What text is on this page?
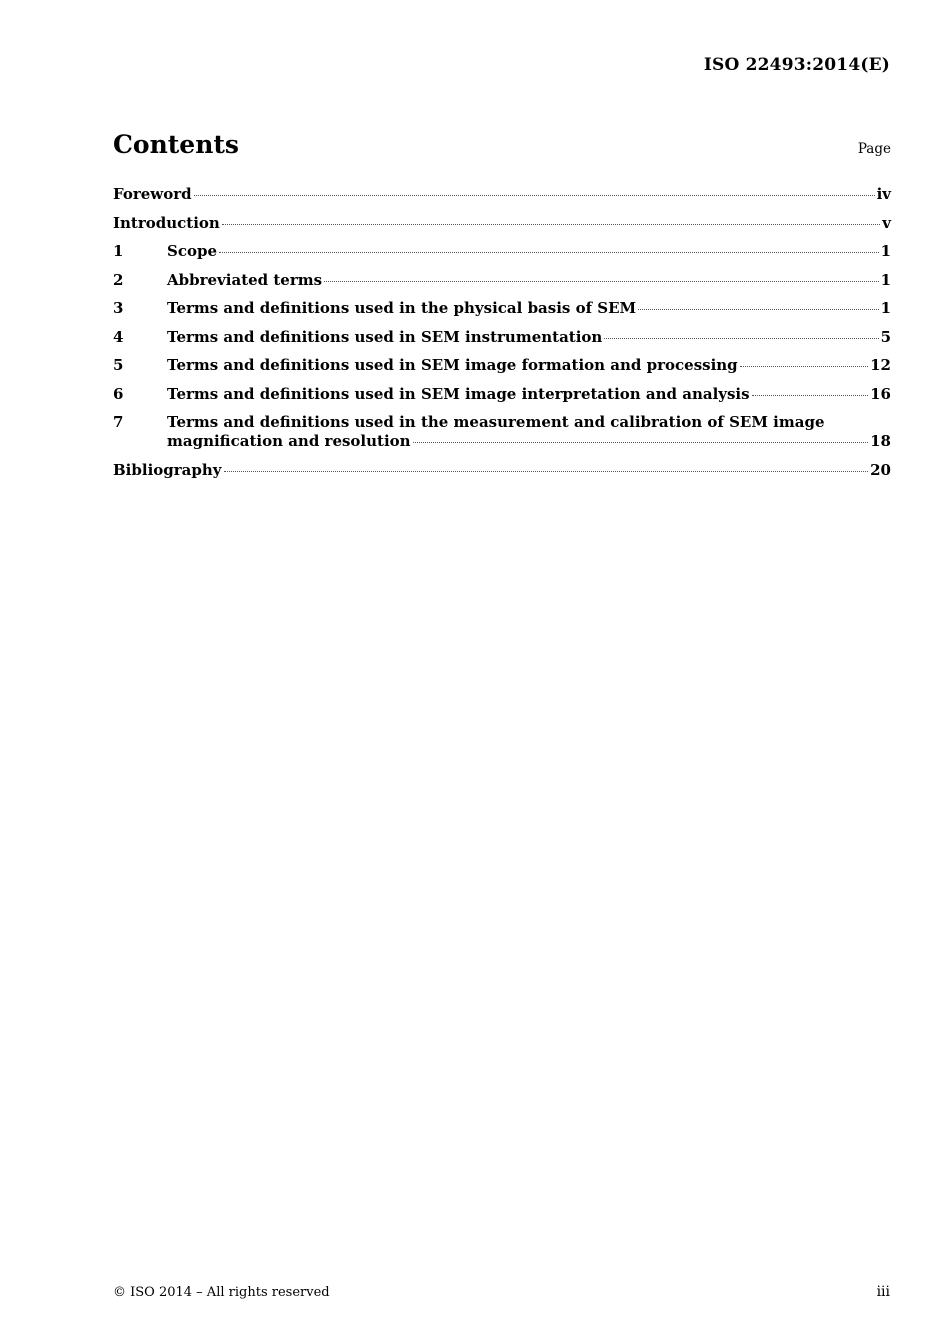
ISO 22493:2014(E)
Contents	Page
Foreword	iv
Introduction	v
1	Scope	1
2	Abbreviated terms	1
3	Terms and definitions used in the physical basis of SEM	1
4	Terms and definitions used in SEM instrumentation	5
5	Terms and definitions used in SEM image formation and processing	12
6	Terms and definitions used in SEM image interpretation and analysis	16
7	Terms and definitions used in the measurement and calibration of SEM image
magnification and resolution	18
Bibliography	20
© ISO 2014 – All rights reserved	iii
